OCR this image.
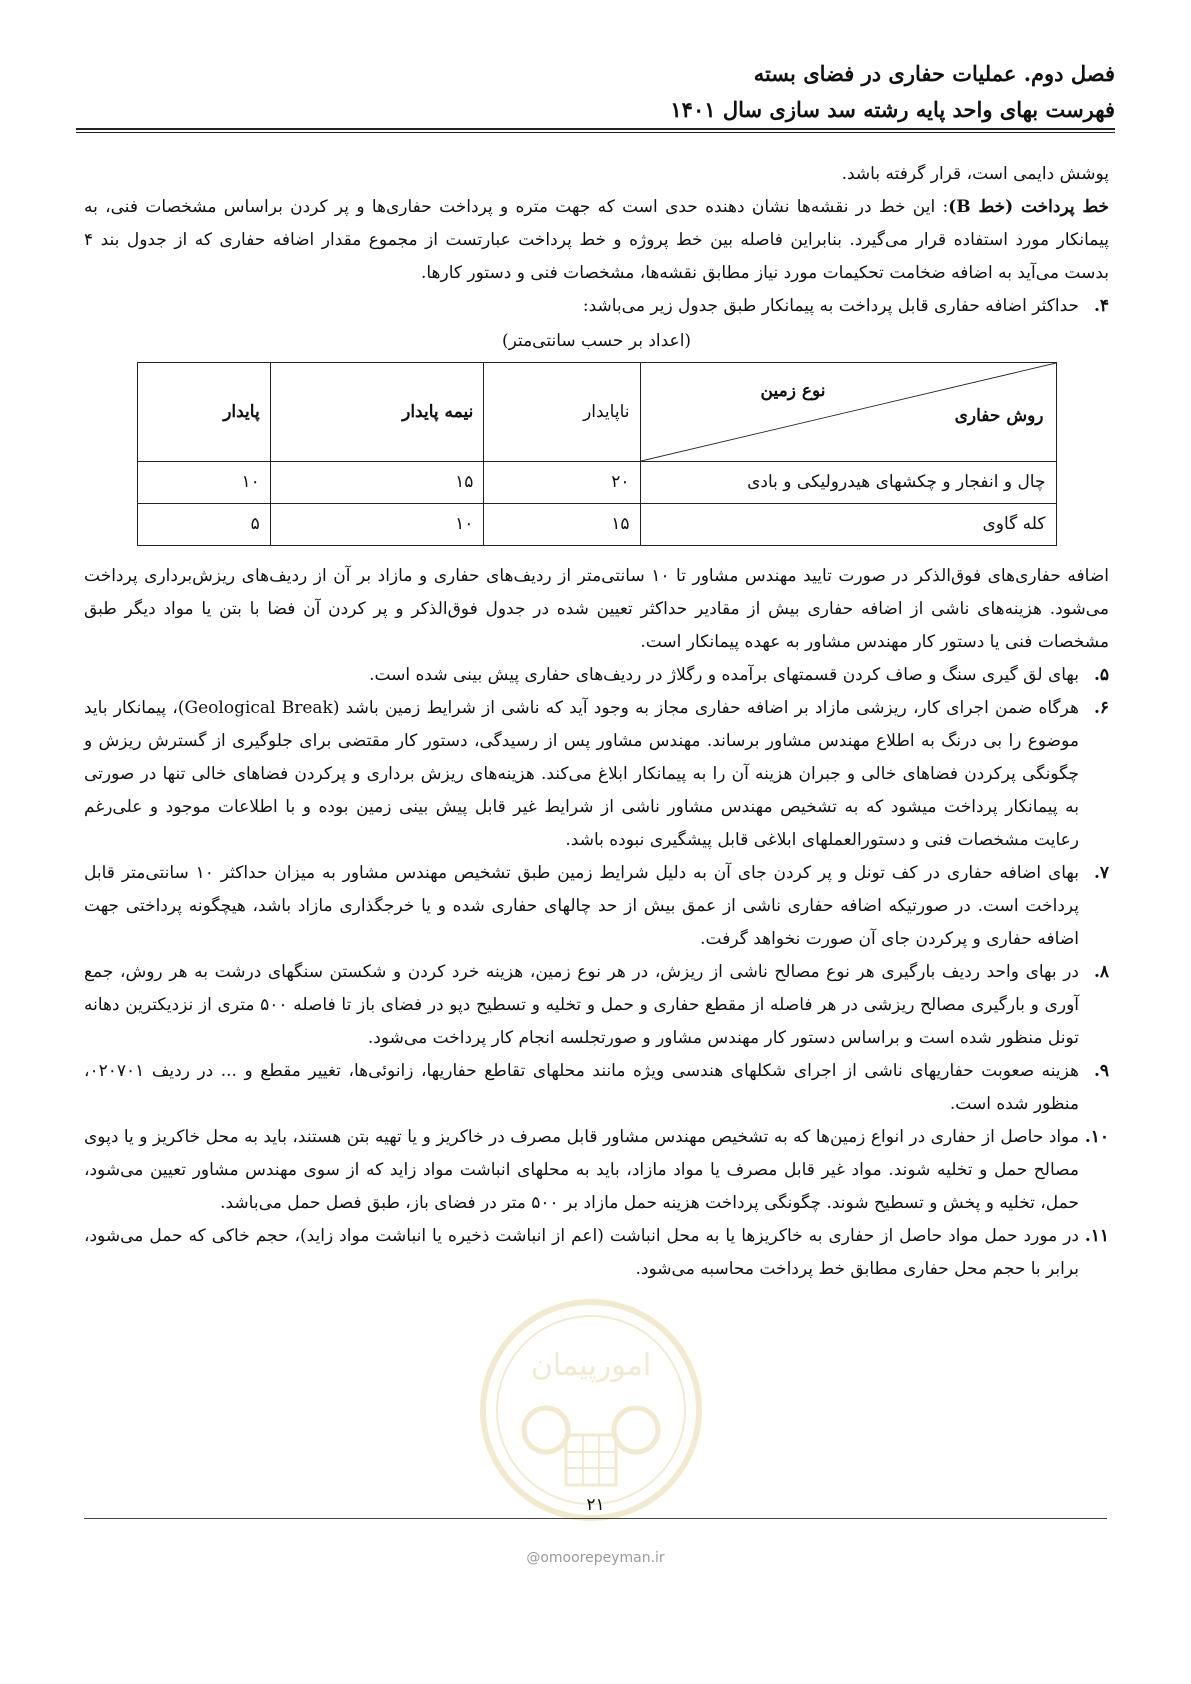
فصل دوم. عملیات حفاری در فضای بسته
فهرست بهای واحد پایه رشته سد سازی سال ۱۴۰۱

پوشش دایمی است، قرار گرفته باشد.

خط پرداخت (خط B): این خط در نقشه‌ها نشان دهنده حدی است که جهت متره و پرداخت حفاری‌ها و پر کردن براساس مشخصات فنی، به پیمانکار مورد استفاده قرار می‌گیرد. بنابراین فاصله بین خط پروژه و خط پرداخت عبارتست از مجموع مقدار اضافه حفاری که از جدول بند ۴ بدست می‌آید به اضافه ضخامت تحکیمات مورد نیاز مطابق نقشه‌ها، مشخصات فنی و دستور کارها.

۴.
حداکثر اضافه حفاری قابل پرداخت به پیمانکار طبق جدول زیر می‌باشد:
(اعداد بر حسب سانتی‌متر)
نوع زمین
روش حفاری	ناپایدار	نیمه پایدار	پایدار
چال و انفجار و چکشهای هیدرولیکی و بادی	۲۰	۱۵	۱۰
کله گاوی	۱۵	۱۰	۵

اضافه حفاری‌های فوق‌الذکر در صورت تایید مهندس مشاور تا ۱۰ سانتی‌متر از ردیف‌های حفاری و مازاد بر آن از ردیف‌های ریزش‌برداری پرداخت می‌شود. هزینه‌های ناشی از اضافه حفاری بیش از مقادیر حداکثر تعیین شده در جدول فوق‌الذکر و پر کردن آن فضا با بتن یا مواد دیگر طبق مشخصات فنی یا دستور کار مهندس مشاور به عهده پیمانکار است.

۵.
بهای لق گیری سنگ و صاف کردن قسمتهای برآمده و رگلاژ در ردیف‌های حفاری پیش بینی شده است.
۶.
هرگاه ضمن اجرای کار، ریزشی مازاد بر اضافه حفاری مجاز به وجود آید که ناشی از شرایط زمین باشد (Geological Break)، پیمانکار باید موضوع را بی درنگ به اطلاع مهندس مشاور برساند. مهندس مشاور پس از رسیدگی، دستور کار مقتضی برای جلوگیری از گسترش ریزش و چگونگی پرکردن فضاهای خالی و جبران هزینه آن را به پیمانکار ابلاغ می‌کند. هزینه‌های ریزش برداری و پرکردن فضاهای خالی تنها در صورتی به پیمانکار پرداخت میشود که به تشخیص مهندس مشاور ناشی از شرایط غیر قابل پیش بینی زمین بوده و با اطلاعات موجود و علی‌رغم رعایت مشخصات فنی و دستورالعملهای ابلاغی قابل پیشگیری نبوده باشد.
۷.
بهای اضافه حفاری در کف تونل و پر کردن جای آن به دلیل شرایط زمین طبق تشخیص مهندس مشاور به میزان حداکثر ۱۰ سانتی‌متر قابل پرداخت است. در صورتیکه اضافه حفاری ناشی از عمق بیش از حد چالهای حفاری شده و یا خرجگذاری مازاد باشد، هیچگونه پرداختی جهت اضافه حفاری و پرکردن جای آن صورت نخواهد گرفت.
۸.
در بهای واحد ردیف بارگیری هر نوع مصالح ناشی از ریزش، در هر نوع زمین، هزینه خرد کردن و شکستن سنگهای درشت به هر روش، جمع آوری و بارگیری مصالح ریزشی در هر فاصله از مقطع حفاری و حمل و تخلیه و تسطیح دپو در فضای باز تا فاصله ۵۰۰ متری از نزدیکترین دهانه تونل منظور شده است و براساس دستور کار مهندس مشاور و صورتجلسه انجام کار پرداخت می‌شود.
۹.
هزینه صعوبت حفاریهای ناشی از اجرای شکلهای هندسی ویژه مانند محلهای تقاطع حفاریها، زانوئی‌ها، تغییر مقطع و ... در ردیف ۰۲۰۷۰۱، منظور شده است.
۱۰.
مواد حاصل از حفاری در انواع زمین‌ها که به تشخیص مهندس مشاور قابل مصرف در خاکریز و یا تهیه بتن هستند، باید به محل خاکریز و یا دپوی مصالح حمل و تخلیه شوند. مواد غیر قابل مصرف یا مواد مازاد، باید به محلهای انباشت مواد زاید که از سوی مهندس مشاور تعیین می‌شود، حمل، تخلیه و پخش و تسطیح شوند. چگونگی پرداخت هزینه حمل مازاد بر ۵۰۰ متر در فضای باز، طبق فصل حمل می‌باشد.
۱۱.
در مورد حمل مواد حاصل از حفاری به خاکریزها یا به محل انباشت (اعم از انباشت ذخیره یا انباشت مواد زاید)، حجم خاکی که حمل می‌شود، برابر با حجم محل حفاری مطابق خط پرداخت محاسبه می‌شود.
امورپیمان
۲۱
@omoorepeyman.ir
